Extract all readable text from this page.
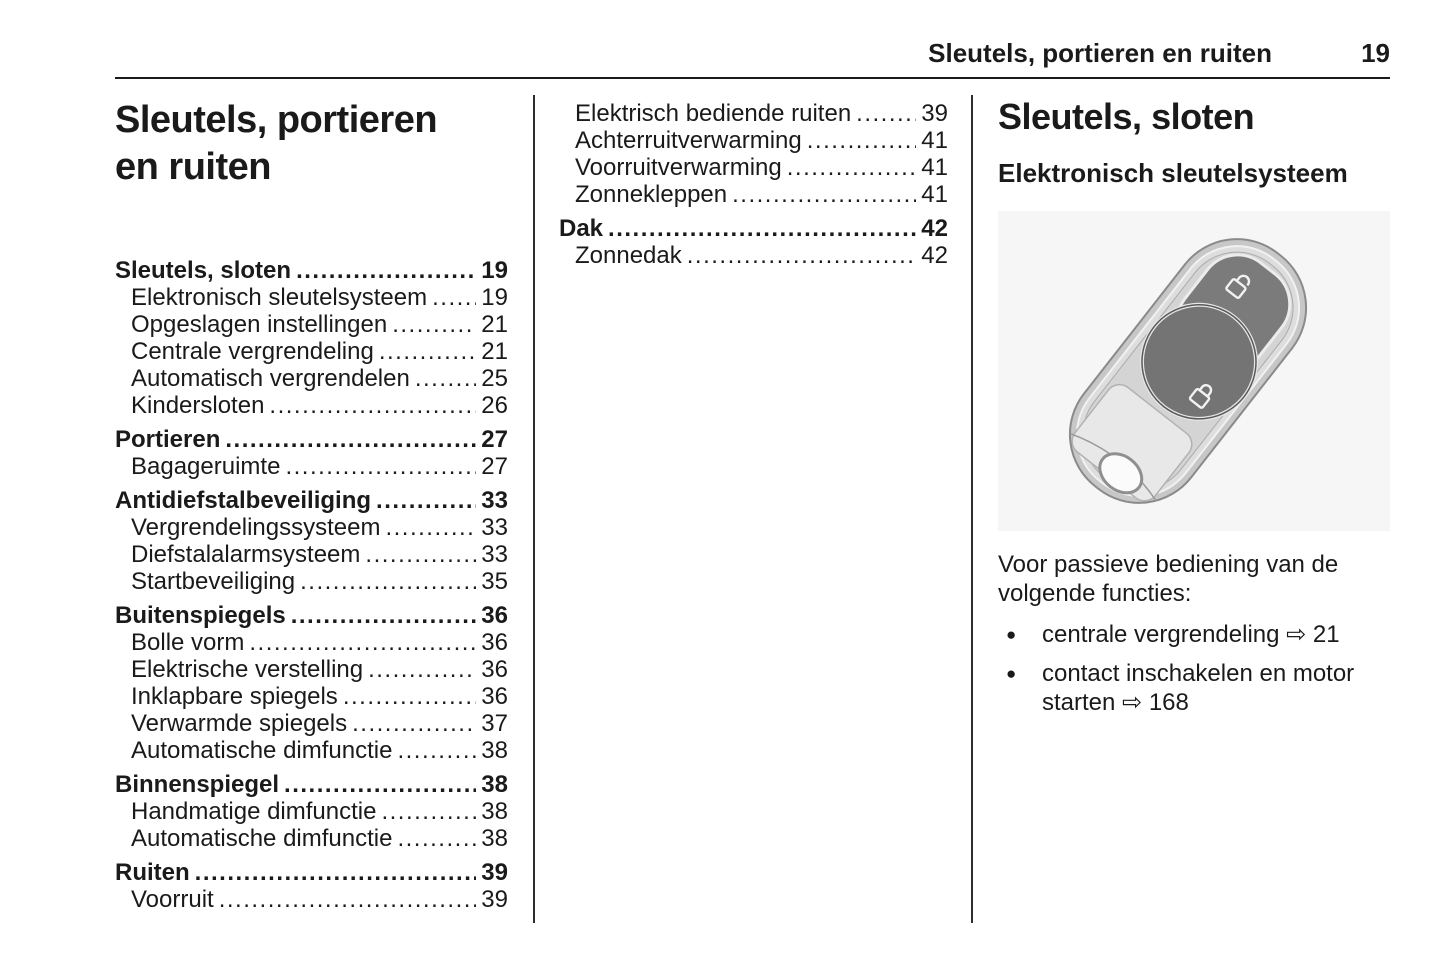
Sleutels, portieren en ruiten	19
Sleutels, portieren
en ruiten
Sleutels, sloten .....	19
Elektronisch sleutelsysteem ..... 19
Opgeslagen instellingen .....	21
Centrale vergrendeling .....	21
Automatisch vergrendelen .....	25
Kindersloten .....	26
Portieren .....	27
Bagageruimte .....	27
Antidiefstalbeveiliging .....	33
Vergrendelingssysteem .....	33
Diefstalalarmsysteem .....	33
Startbeveiliging .....	35
Buitenspiegels .....	36
Bolle vorm .....	36
Elektrische verstelling .....	36
Inklapbare spiegels .....	36
Verwarmde spiegels .....	37
Automatische dimfunctie .....	38
Binnenspiegel .....	38
Handmatige dimfunctie .....	38
Automatische dimfunctie .....	38
Ruiten .....	39
Voorruit .....	39
Elektrisch bediende ruiten .....	39
Achterruitverwarming .....	41
Voorruitverwarming .....	41
Zonnekleppen .....	41
Dak .....	42
Zonnedak .....	42
Sleutels, sloten
Elektronisch sleutelsysteem

Voor passieve bediening van de volgende functies:

●	centrale vergrendeling ⇨ 21
●	contact inschakelen en motor starten ⇨ 168
